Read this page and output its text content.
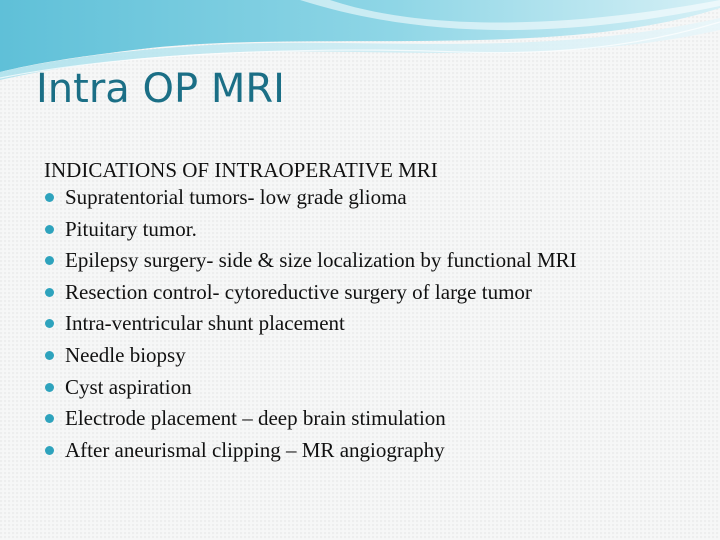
Intra OP MRI
INDICATIONS OF INTRAOPERATIVE MRI
Supratentorial tumors- low grade glioma
Pituitary tumor.
Epilepsy surgery- side & size localization by functional MRI
Resection control- cytoreductive surgery of large tumor
Intra-ventricular shunt placement
Needle biopsy
Cyst aspiration
Electrode placement – deep brain stimulation
After aneurismal clipping – MR angiography
